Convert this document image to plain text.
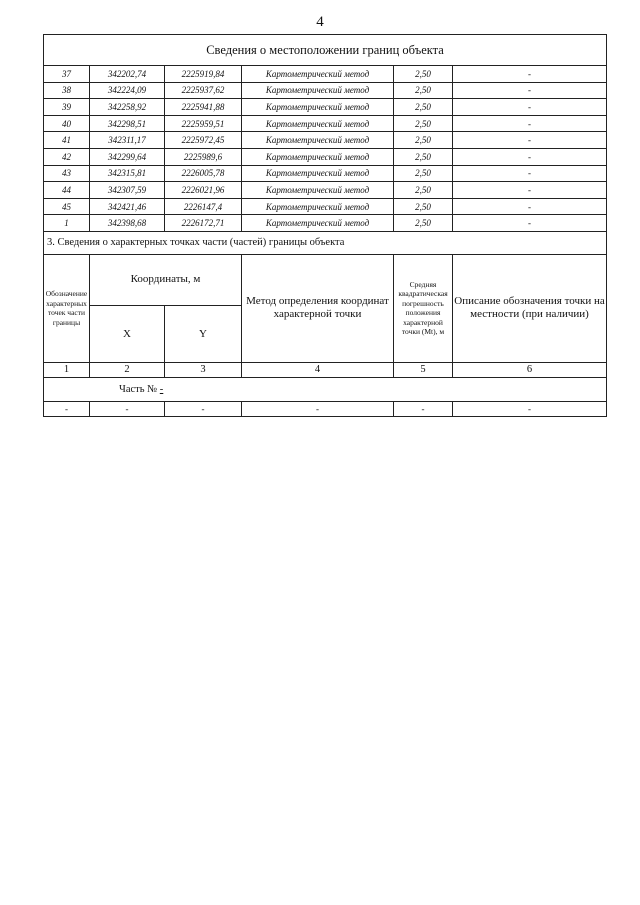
4
Сведения о местоположении границ объекта					
37	342202,74	2225919,84	Картометрический метод	2,50	-
38	342224,09	2225937,62	Картометрический метод	2,50	-
39	342258,92	2225941,88	Картометрический метод	2,50	-
40	342298,51	2225959,51	Картометрический метод	2,50	-
41	342311,17	2225972,45	Картометрический метод	2,50	-
42	342299,64	2225989,6	Картометрический метод	2,50	-
43	342315,81	2226005,78	Картометрический метод	2,50	-
44	342307,59	2226021,96	Картометрический метод	2,50	-
45	342421,46	2226147,4	Картометрический метод	2,50	-
1	342398,68	2226172,71	Картометрический метод	2,50	-
3. Сведения о характерных точках части (частей) границы объекта					
Обозначение характерных точек части границы	Координаты, м		Метод определения координат характерной точки	Средняя квадратическая погрешность положения характерной точки (Mt), м	Описание обозначения точки на местности (при наличии)
	X	Y			
1	2	3	4	5	6
Часть № -					
-	-	-	-	-	-
